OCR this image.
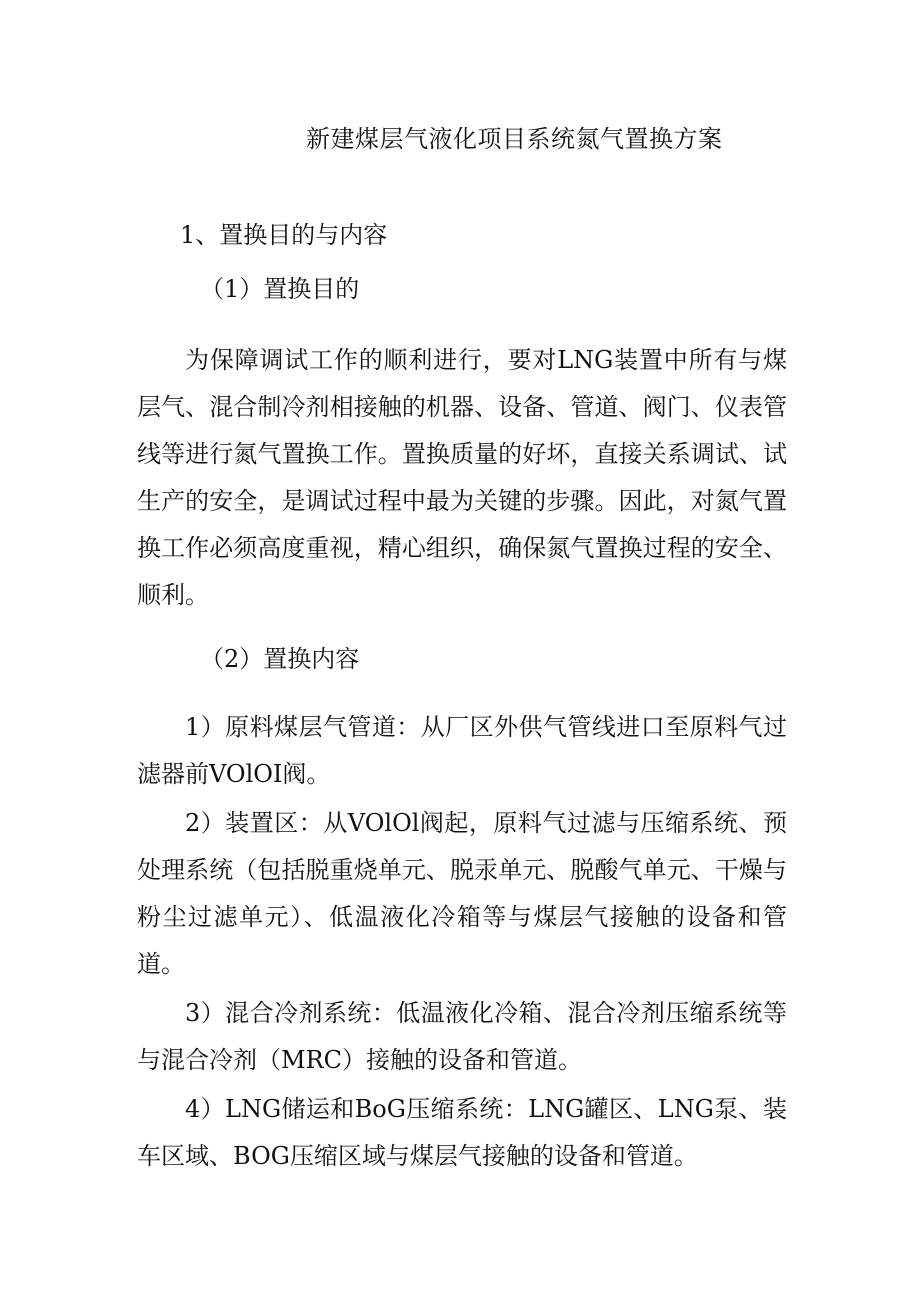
新建煤层气液化项目系统氮气置换方案
1、置换目的与内容
（1）置换目的

为保障调试工作的顺利进行，要对LNG装置中所有与煤层气、混合制冷剂相接触的机器、设备、管道、阀门、仪表管线等进行氮气置换工作。置换质量的好坏，直接关系调试、试生产的安全，是调试过程中最为关键的步骤。因此，对氮气置换工作必须高度重视，精心组织，确保氮气置换过程的安全、顺利。

（2）置换内容

1）原料煤层气管道：从厂区外供气管线进口至原料气过滤器前VOlOI阀。

2）装置区：从VOlOl阀起，原料气过滤与压缩系统、预处理系统（包括脱重烧单元、脱汞单元、脱酸气单元、干燥与粉尘过滤单元）、低温液化冷箱等与煤层气接触的设备和管道。

3）混合冷剂系统：低温液化冷箱、混合冷剂压缩系统等与混合冷剂（MRC）接触的设备和管道。

4）LNG储运和BoG压缩系统：LNG罐区、LNG泵、装车区域、BOG压缩区域与煤层气接触的设备和管道。
